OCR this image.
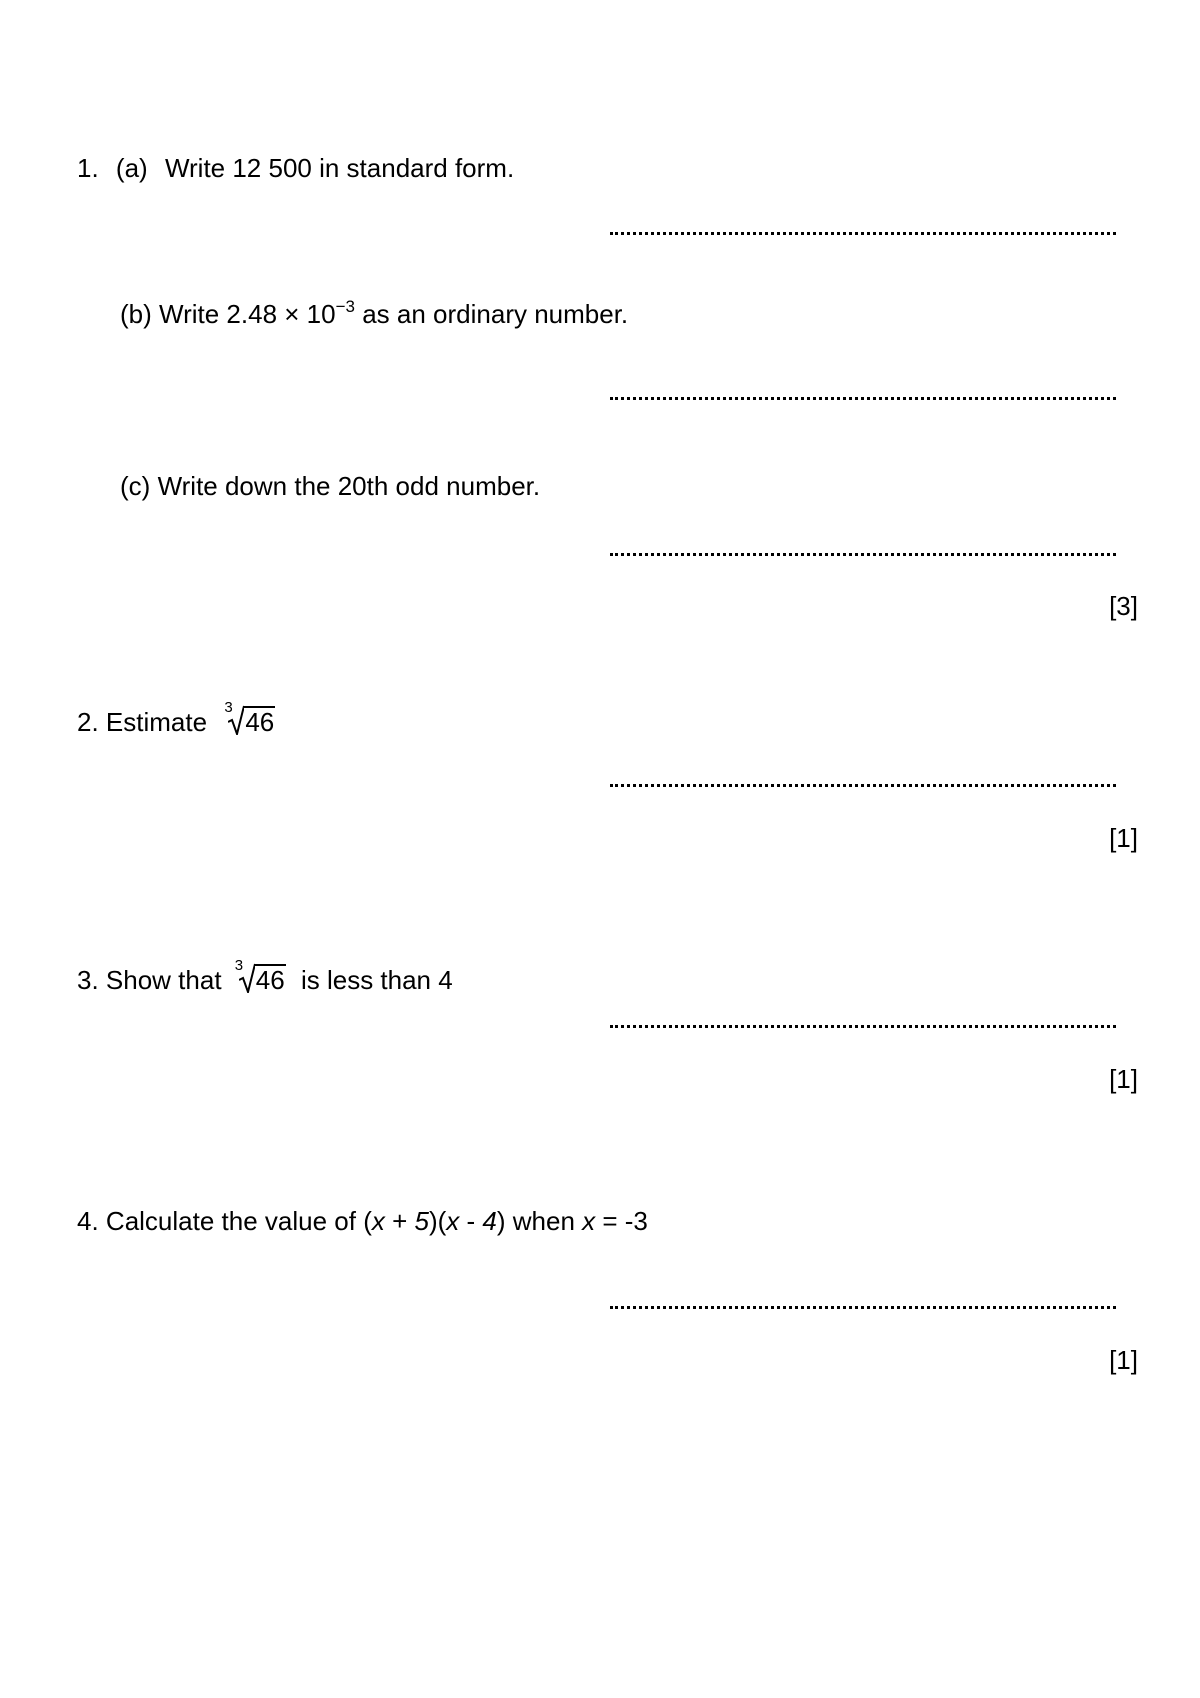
1. (a) Write 12 500 in standard form.
(b) Write $2.48 \times 10^{-3}$ as an ordinary number.
(c) Write down the 20th odd number.
[3]
2. Estimate 3 46
[1]
3. Show that 3 46 is less than 4
[1]
4. Calculate the value of (x + 5)(x - 4) when x = -3
[1]
